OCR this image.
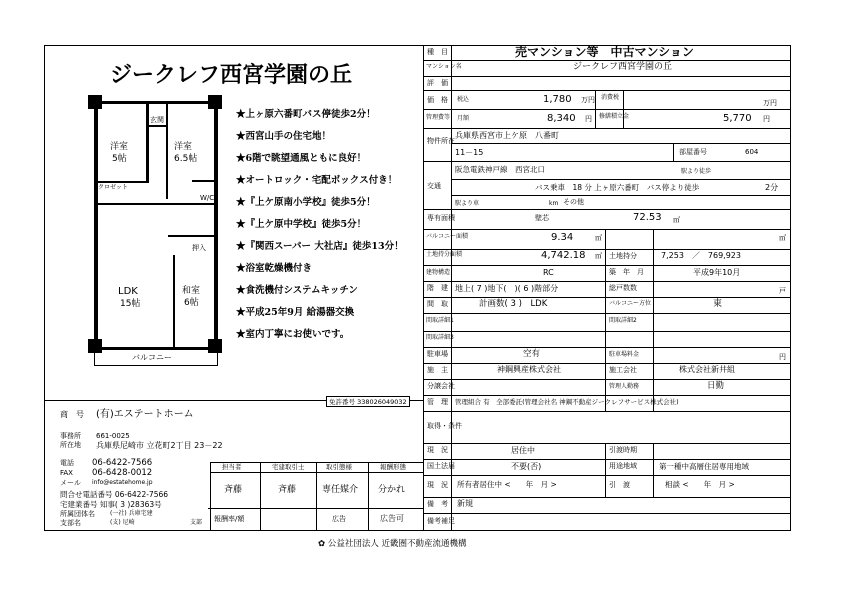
ジークレフ西宮学園の丘
洋室
5帖
洋室
6.5帖
玄関
クロゼット
W/C
押入
LDK
15帖
和室
6帖
バルコニー
★上ヶ原六番町バス停徒歩2分！
★西宮山手の住宅地！
★6階で眺望通風ともに良好！
★オートロック・宅配ボックス付き！
★『上ケ原南小学校』徒歩5分！
★『上ケ原中学校』徒歩5分！
★『関西スーパー 大社店』徒歩13分！
★浴室乾燥機付き
★食洗機付システムキッチン
★平成25年9月 給湯器交換
★室内丁寧にお使いです。
免許番号 338026049032
商　号 (有)エステートホーム
事務所 661-0025
所在地 兵庫県尼崎市 立花町2丁目 23－22
電話 06-6422-7566
FAX 06-6428-0012
メール info@estatehome.jp
問合せ電話番号 06-6422-7566
宅建業番号 知事( 3 )28363号
所属団体名	(一社) 兵庫宅建
支部名	(支) 尼崎	支部
担当者	宅建取引士	取引態様	報酬形態
斉藤	斉藤	専任媒介 分かれ
報酬率/額	広告	広告可
種　目	売マンション等　中古マンション
マンション名	ジークレフ西宮学園の丘
評　価
価　格 税込	1,780 万円 消費税
万円
管理費等 月額	8,340 円 修繕積立金	5,770 円
物件所在
兵庫県西宮市上ケ原　八番町
11－15	部屋番号	604
交通
阪急電鉄神戸線　西宮北口	駅より徒歩
バス乗車　18 分 上ヶ原六番町　バス停より徒歩	2分
駅より車	km その他
専有面積	壁芯	72.53 ㎡
バルコニー面積	9.34	㎡	㎡
土地持分面積	4,742.18 ㎡ 土地持分	7,253　／　769,923
建物構造	RC	築　年　月	平成9年10月
階　建 地上( 7 )地下(　)( 6 )階部分	総戸数数	戸
間　取	計画数( 3 )　LDK	バルコニー方位	東
間取詳細1	間取詳細2
間取詳細3
駐車場	空有	駐車場料金	円
施　主	神鋼興産株式会社	施工会社	株式会社新井組
分譲会社	管理人勤務	日勤
管　理 管理組合 有　全部委託(管理会社名 神鋼不動産ジークレフサービス株式会社)
取得・条件
現　況	居住中	引渡時期
国土法届	不要(否)	用途地域	第一種中高層住居専用地域
現　況 所有者居住中 <　　年　月 >	引　渡	相談 <　　年　月 >
備　考 新規
備考補足
✿ 公益社団法人 近畿圏不動産流通機構
